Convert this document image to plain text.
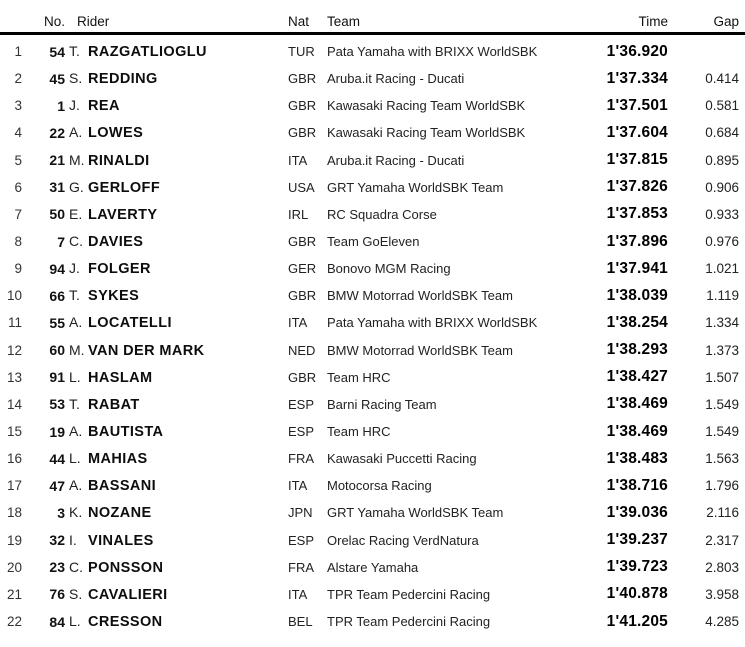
No. Rider	Nat	Team	Time	Gap
1	54 T. RAZGATLIOGLU	TUR Pata Yamaha with BRIXX WorldSBK	1'36.920
2	45 S. REDDING	GBR Aruba.it Racing - Ducati	1'37.334	0.414
3	1 J. REA	GBR Kawasaki Racing Team WorldSBK	1'37.501	0.581
4	22 A. LOWES	GBR Kawasaki Racing Team WorldSBK	1'37.604	0.684
5	21 M. RINALDI	ITA	Aruba.it Racing - Ducati	1'37.815	0.895
6	31 G. GERLOFF	USA GRT Yamaha WorldSBK Team	1'37.826	0.906
7	50 E. LAVERTY	IRL	RC Squadra Corse	1'37.853	0.933
8	7 C. DAVIES	GBR Team GoEleven	1'37.896	0.976
9	94 J. FOLGER	GER Bonovo MGM Racing	1'37.941	1.021
10	66 T. SYKES	GBR BMW Motorrad WorldSBK Team	1'38.039	1.119
11	55 A. LOCATELLI	ITA	Pata Yamaha with BRIXX WorldSBK	1'38.254	1.334
12	60 M. VAN DER MARK	NED BMW Motorrad WorldSBK Team	1'38.293	1.373
13	91 L. HASLAM	GBR Team HRC	1'38.427	1.507
14	53 T. RABAT	ESP Barni Racing Team	1'38.469	1.549
15	19 A. BAUTISTA	ESP Team HRC	1'38.469	1.549
16	44 L. MAHIAS	FRA	Kawasaki Puccetti Racing	1'38.483	1.563
17	47 A. BASSANI	ITA	Motocorsa Racing	1'38.716	1.796
18	3 K. NOZANE	JPN	GRT Yamaha WorldSBK Team	1'39.036	2.116
19	32 I. VINALES	ESP Orelac Racing VerdNatura	1'39.237	2.317
20	23 C. PONSSON	FRA	Alstare Yamaha	1'39.723	2.803
21	76 S. CAVALIERI	ITA	TPR Team Pedercini Racing	1'40.878	3.958
22	84 L. CRESSON	BEL	TPR Team Pedercini Racing	1'41.205	4.285
